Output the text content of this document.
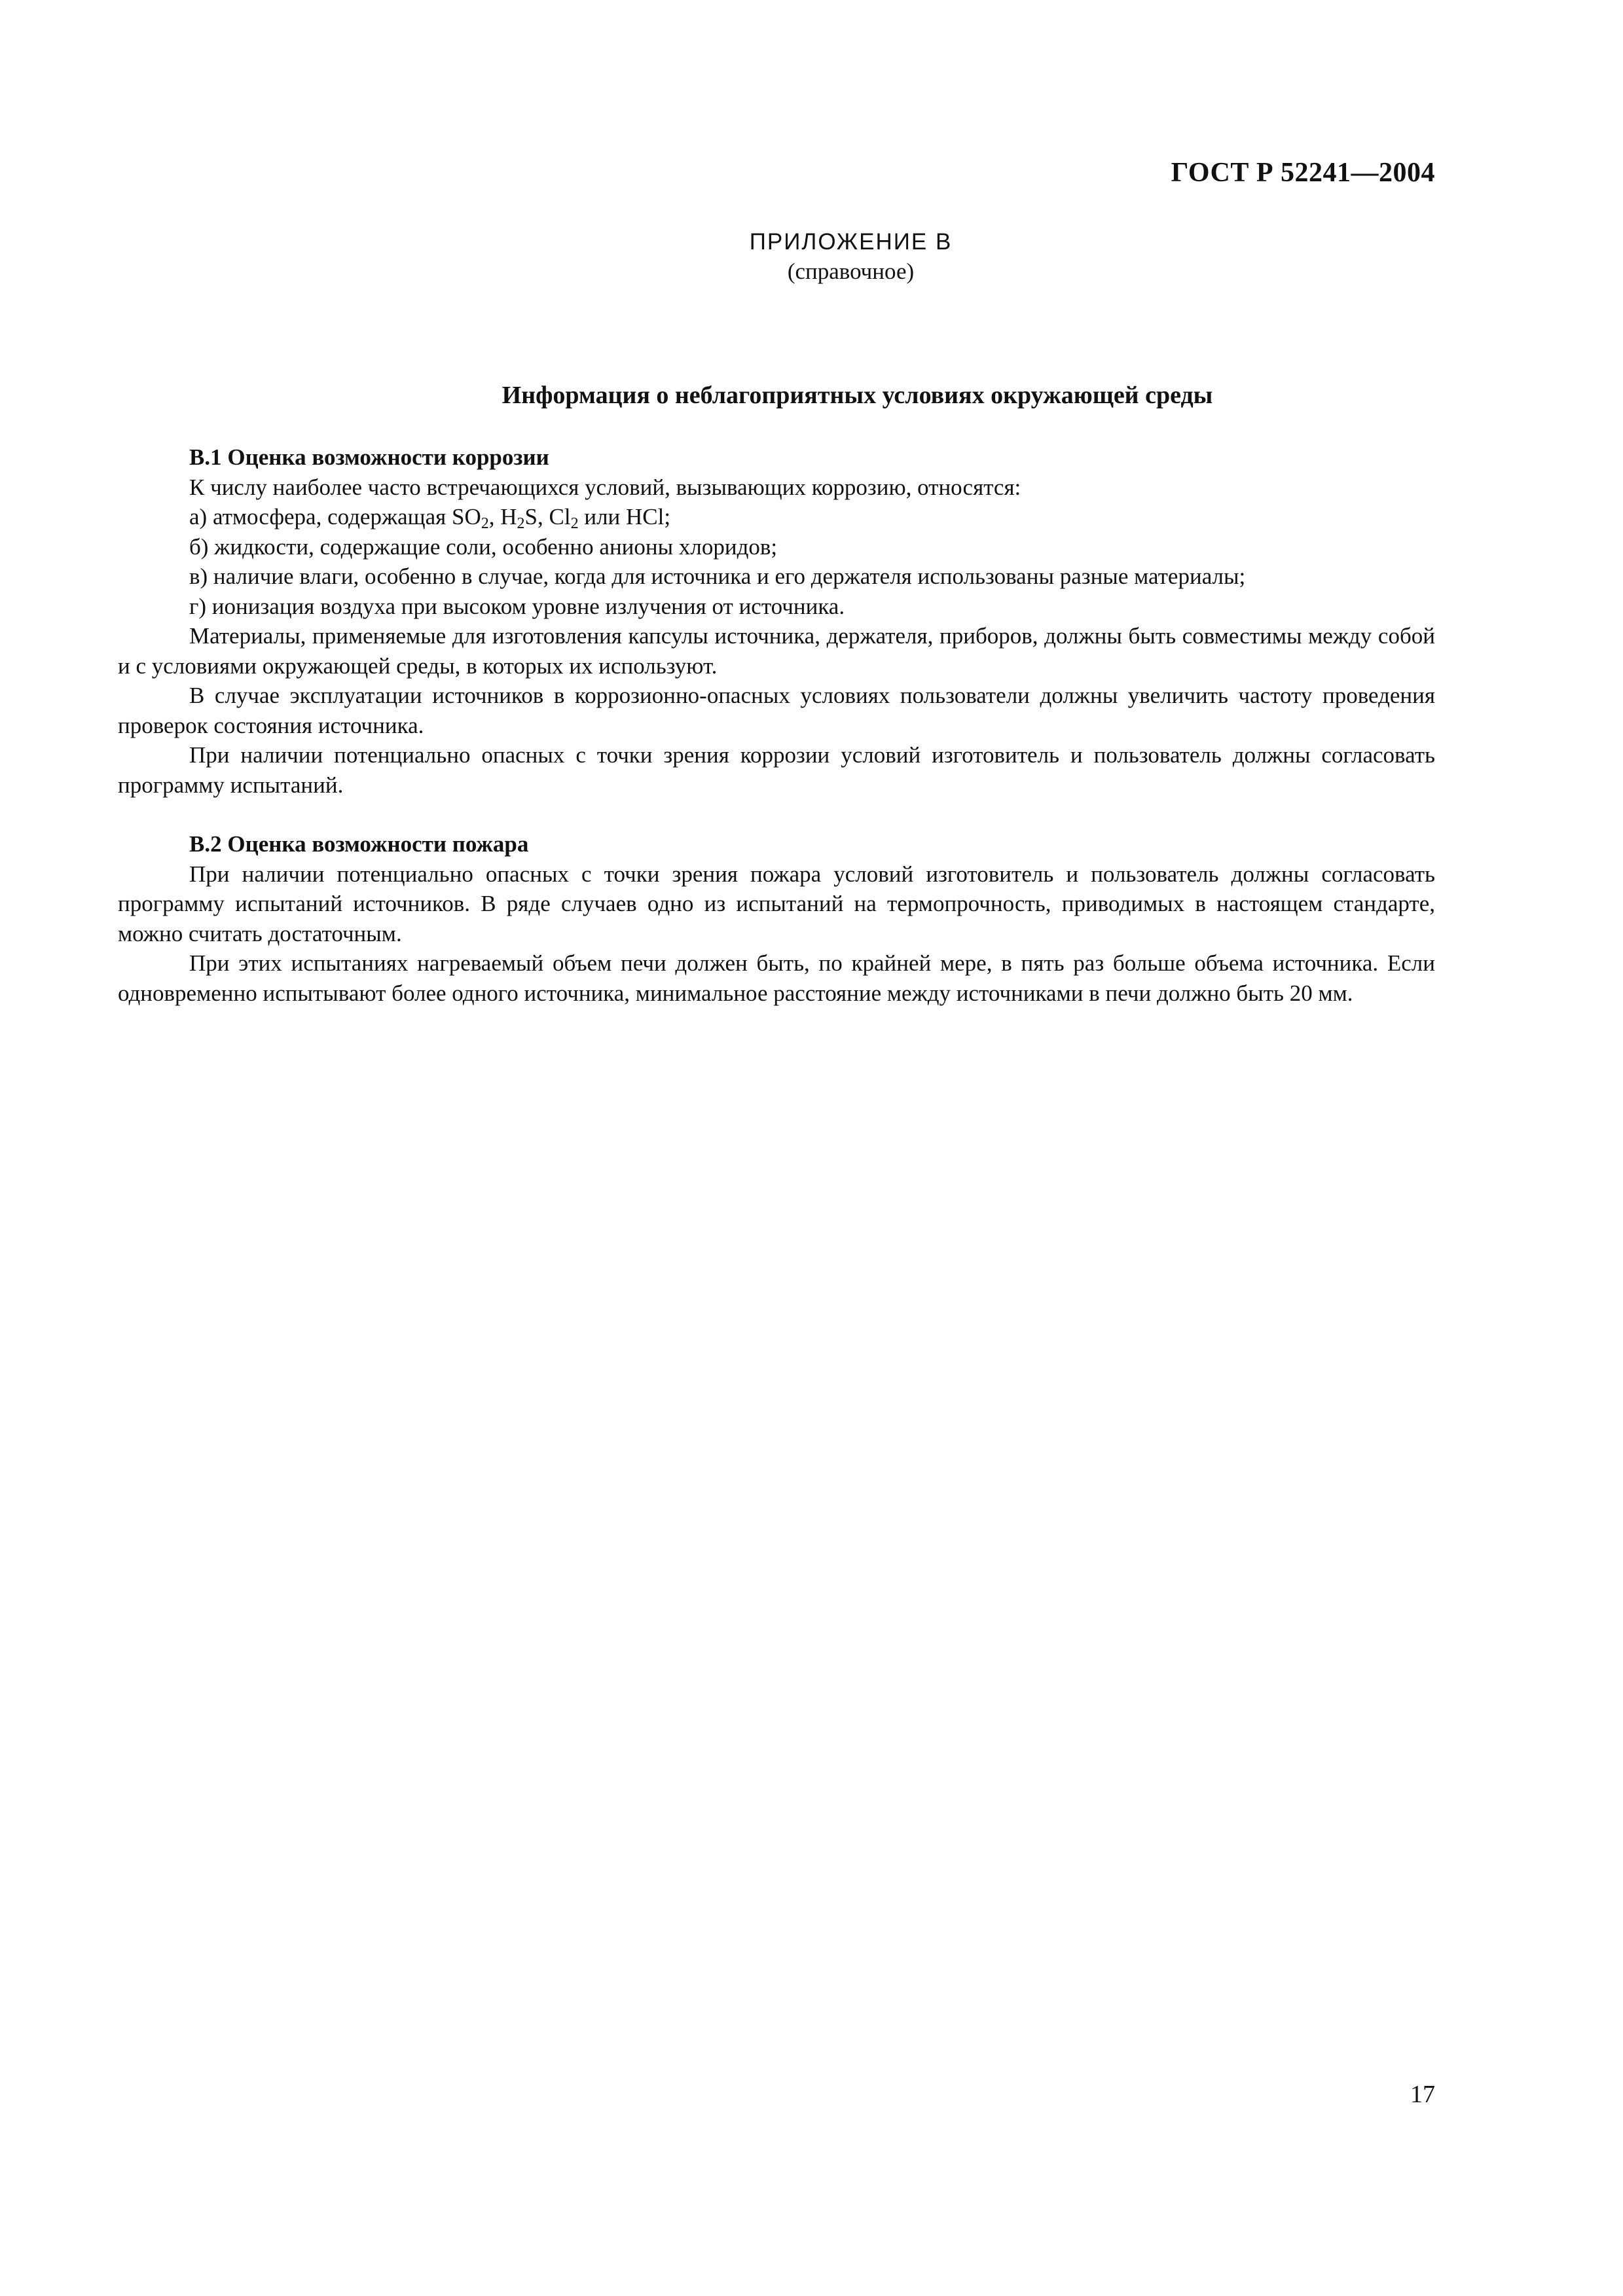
ГОСТ Р 52241—2004
ПРИЛОЖЕНИЕ В
(справочное)
Информация о неблагоприятных условиях окружающей среды

В.1 Оценка возможности коррозии

К числу наиболее часто встречающихся условий, вызывающих коррозию, относятся:

а) атмосфера, содержащая $SO_2$, $H_2S$, $Cl_2$ или HCl;

б) жидкости, содержащие соли, особенно анионы хлоридов;

в) наличие влаги, особенно в случае, когда для источника и его держателя использованы разные материалы;

г) ионизация воздуха при высоком уровне излучения от источника.

Материалы, применяемые для изготовления капсулы источника, держателя, приборов, должны быть совместимы между собой и с условиями окружающей среды, в которых их используют.

В случае эксплуатации источников в коррозионно-опасных условиях пользователи должны увеличить частоту проведения проверок состояния источника.

При наличии потенциально опасных с точки зрения коррозии условий изготовитель и пользователь должны согласовать программу испытаний.

В.2 Оценка возможности пожара

При наличии потенциально опасных с точки зрения пожара условий изготовитель и пользователь должны согласовать программу испытаний источников. В ряде случаев одно из испытаний на термопрочность, приводимых в настоящем стандарте, можно считать достаточным.

При этих испытаниях нагреваемый объем печи должен быть, по крайней мере, в пять раз больше объема источника. Если одновременно испытывают более одного источника, минимальное расстояние между источниками в печи должно быть 20 мм.

17
